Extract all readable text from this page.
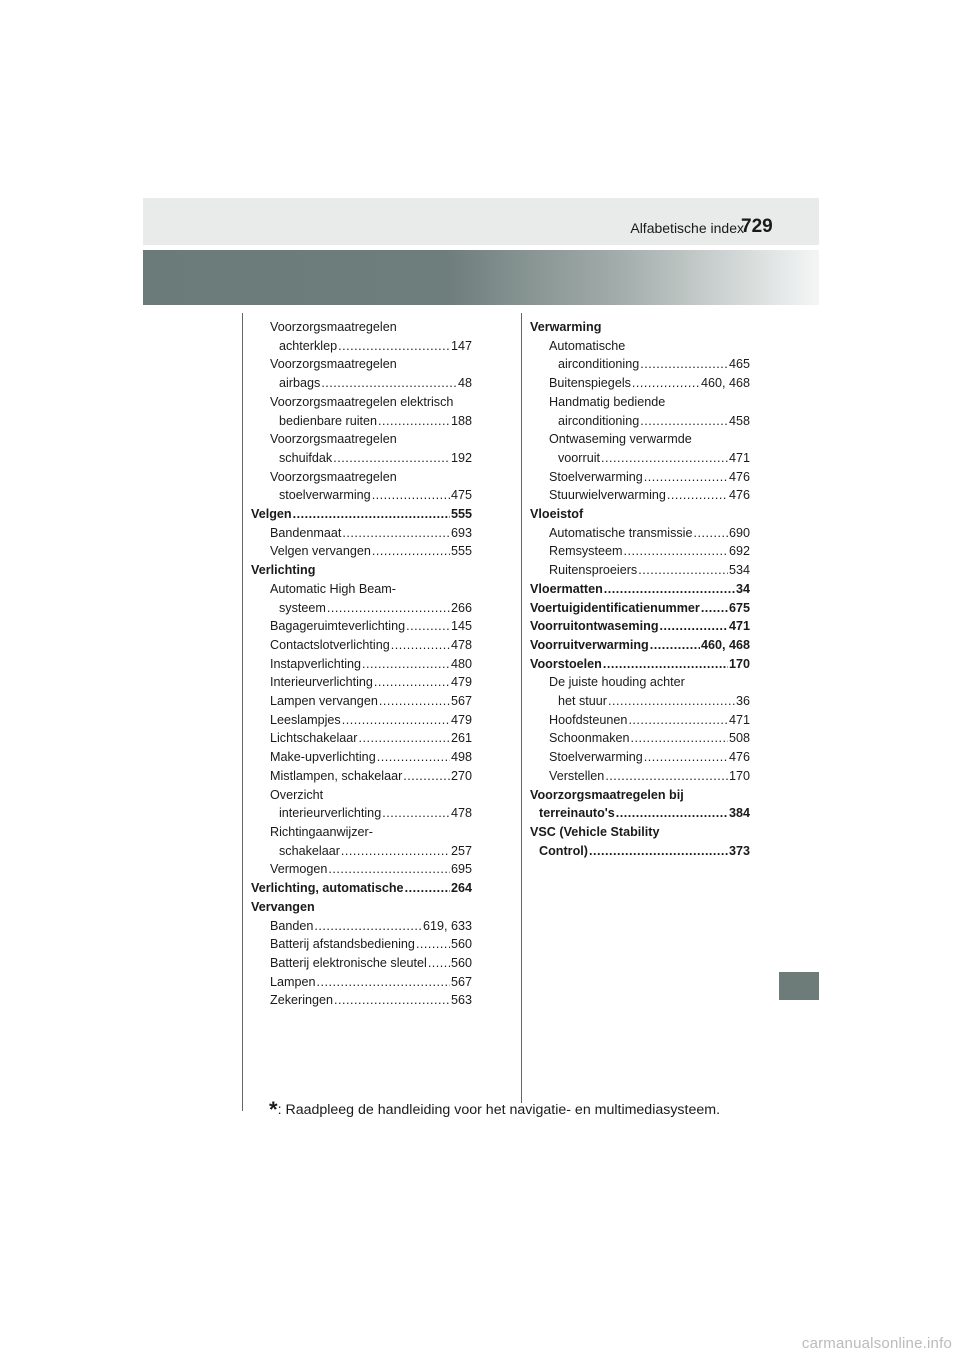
Alfabetische index
729
Voorzorgsmaatregelen
achterklep .....	147
Voorzorgsmaatregelen
airbags .....	48
Voorzorgsmaatregelen elektrisch
bedienbare ruiten .....	188
Voorzorgsmaatregelen
schuifdak .....	192
Voorzorgsmaatregelen
stoelverwarming .....	475
Velgen .....	555
Bandenmaat .....	693
Velgen vervangen .....	555
Verlichting
Automatic High Beam-
systeem .....	266
Bagageruimteverlichting .....	145
Contactslotverlichting .....	478
Instapverlichting .....	480
Interieurverlichting .....	479
Lampen vervangen .....	567
Leeslampjes .....	479
Lichtschakelaar .....	261
Make-upverlichting .....	498
Mistlampen, schakelaar .....	270
Overzicht
interieurverlichting .....	478
Richtingaanwijzer-
schakelaar .....	257
Vermogen .....	695
Verlichting, automatische .....	264
Vervangen
Banden .....	619, 633
Batterij afstandsbediening .....	560
Batterij elektronische sleutel ..... 560
Lampen .....	567
Zekeringen .....	563
Verwarming
Automatische
airconditioning .....	465
Buitenspiegels .....	460, 468
Handmatig bediende
airconditioning .....	458
Ontwaseming verwarmde
voorruit .....	471
Stoelverwarming .....	476
Stuurwielverwarming .....	476
Vloeistof
Automatische transmissie .....	690
Remsysteem .....	692
Ruitensproeiers .....	534
Vloermatten .....	34
Voertuigidentificatienummer ..... 675
Voorruitontwaseming .....	471
Voorruitverwarming .....	460, 468
Voorstoelen .....	170
De juiste houding achter
het stuur .....	36
Hoofdsteunen .....	471
Schoonmaken .....	508
Stoelverwarming .....	476
Verstellen .....	170
Voorzorgsmaatregelen bij
terreinauto's .....	384
VSC (Vehicle Stability
Control) .....	373
*: Raadpleeg de handleiding voor het navigatie- en multimediasysteem.
carmanualsonline.info
